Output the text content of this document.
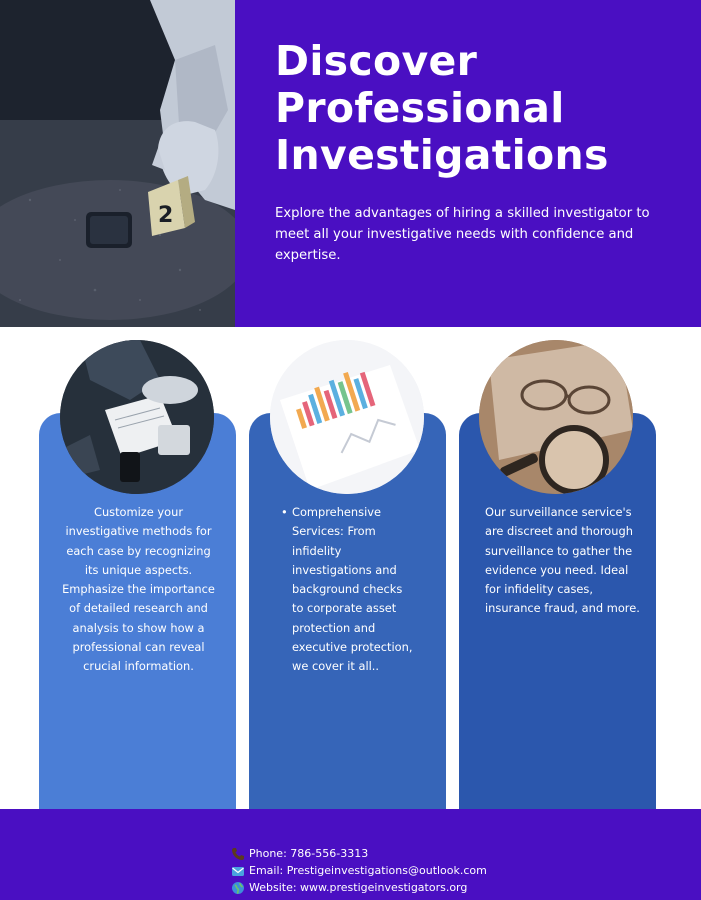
2
Discover
Professional
Investigations

Explore the advantages of hiring a skilled investigator to meet all your investigative needs with confidence and expertise.

Customize your investigative methods for each case by recognizing its unique aspects. Emphasize the importance of detailed research and analysis to show how a professional can reveal crucial information.

• Comprehensive Services: From infidelity investigations and background checks to corporate asset protection and executive protection, we cover it all..

Our surveillance service's are discreet and thorough surveillance to gather the evidence you need. Ideal for infidelity cases, insurance fraud, and more.

Phone: 786-556-3313
Email: Prestigeinvestigations@outlook.com
Website: www.prestigeinvestigators.org
